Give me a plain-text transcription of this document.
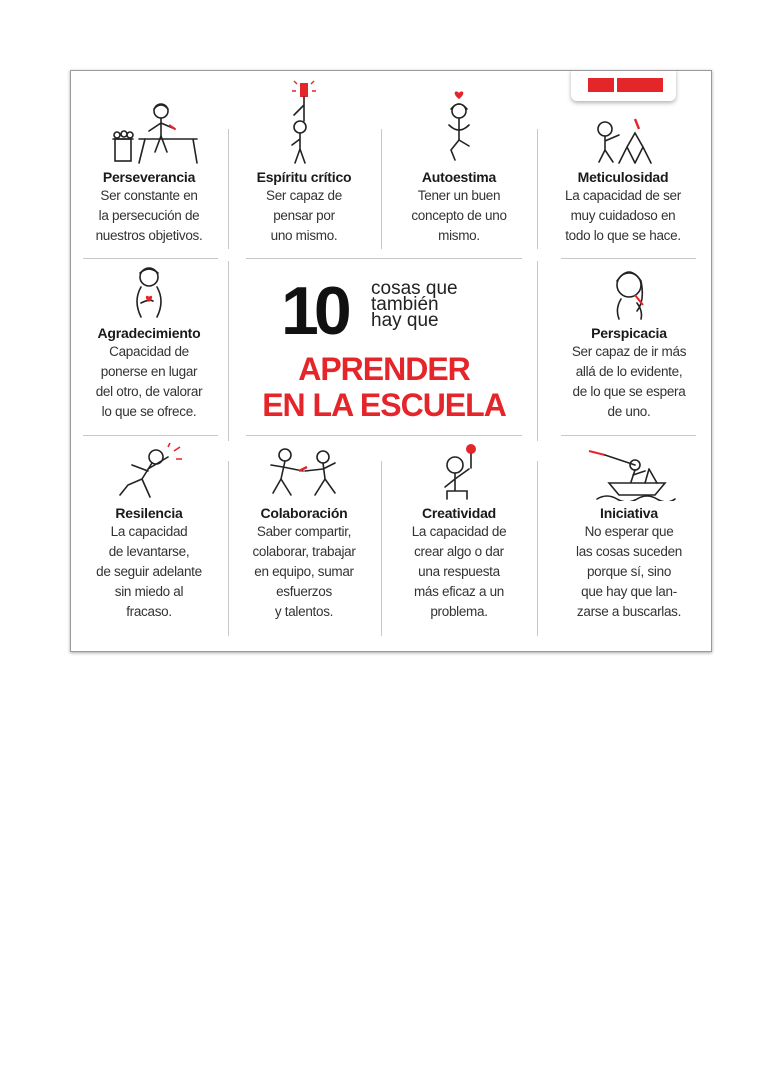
10 cosas que
también
hay que
APRENDER
EN LA ESCUELA
Perseverancia
Ser constante en
la persecución de
nuestros objetivos.
Espíritu crítico
Ser capaz de
pensar por
uno mismo.
Autoestima
Tener un buen
concepto de uno
mismo.
Meticulosidad
La capacidad de ser
muy cuidadoso en
todo lo que se hace.
Agradecimiento
Capacidad de
ponerse en lugar
del otro, de valorar
lo que se ofrece.
Perspicacia
Ser capaz de ir más
allá de lo evidente,
de lo que se espera
de uno.
Resilencia
La capacidad
de levantarse,
de seguir adelante
sin miedo al
fracaso.
Colaboración
Saber compartir,
colaborar, trabajar
en equipo, sumar
esfuerzos
y talentos.
Creatividad
La capacidad de
crear algo o dar
una respuesta
más eficaz a un
problema.
Iniciativa
No esperar que
las cosas suceden
porque sí, sino
que hay que lan-
zarse a buscarlas.
